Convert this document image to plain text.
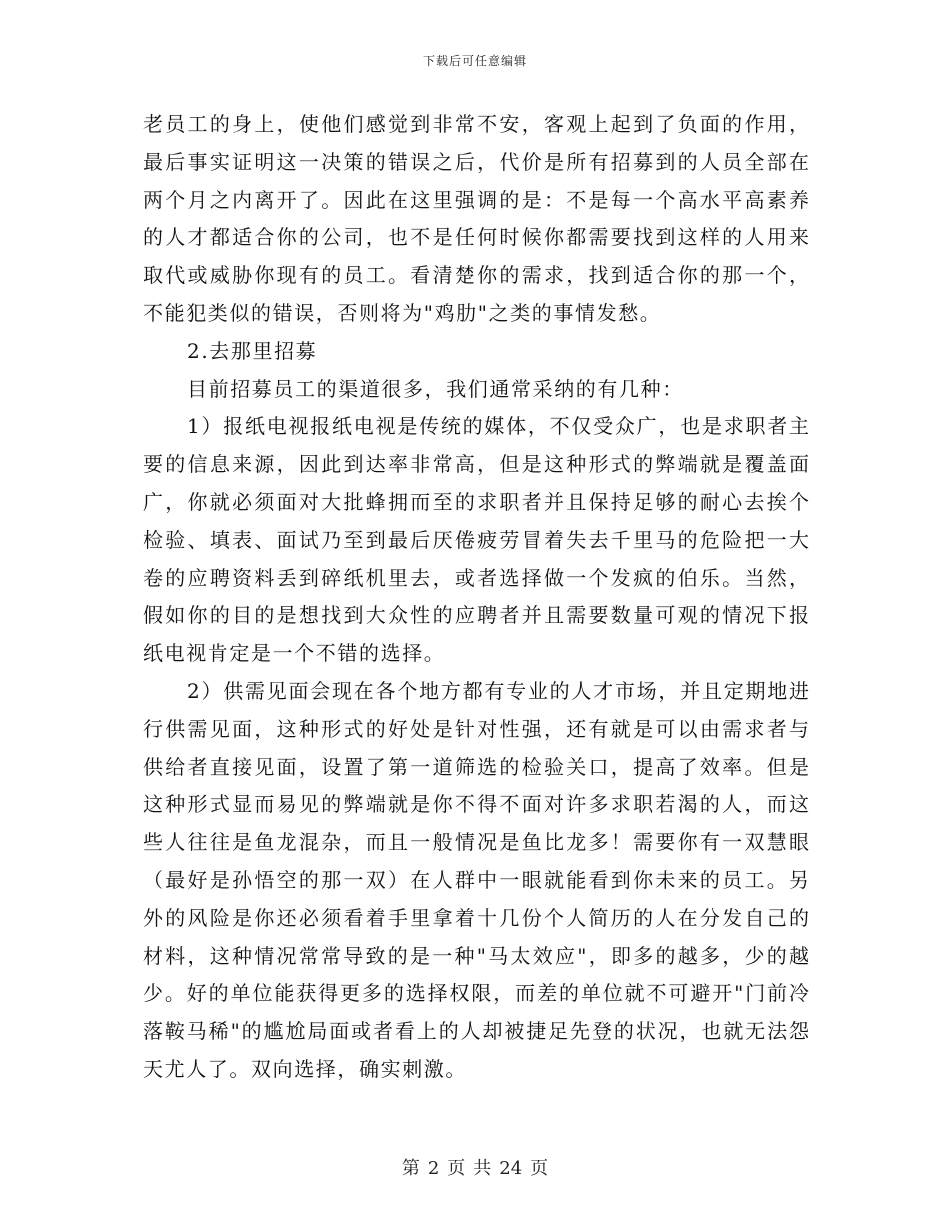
下载后可任意编辑
老员工的身上，使他们感觉到非常不安，客观上起到了负面的作用，
最后事实证明这一决策的错误之后，代价是所有招募到的人员全部在
两个月之内离开了。因此在这里强调的是：不是每一个高水平高素养
的人才都适合你的公司，也不是任何时候你都需要找到这样的人用来
取代或威胁你现有的员工。看清楚你的需求，找到适合你的那一个，
不能犯类似的错误，否则将为"鸡肋"之类的事情发愁。
2.去那里招募
目前招募员工的渠道很多，我们通常采纳的有几种：
1）报纸电视报纸电视是传统的媒体，不仅受众广，也是求职者主
要的信息来源，因此到达率非常高，但是这种形式的弊端就是覆盖面
广，你就必须面对大批蜂拥而至的求职者并且保持足够的耐心去挨个
检验、填表、面试乃至到最后厌倦疲劳冒着失去千里马的危险把一大
卷的应聘资料丢到碎纸机里去，或者选择做一个发疯的伯乐。当然，
假如你的目的是想找到大众性的应聘者并且需要数量可观的情况下报
纸电视肯定是一个不错的选择。
2）供需见面会现在各个地方都有专业的人才市场，并且定期地进
行供需见面，这种形式的好处是针对性强，还有就是可以由需求者与
供给者直接见面，设置了第一道筛选的检验关口，提高了效率。但是
这种形式显而易见的弊端就是你不得不面对许多求职若渴的人，而这
些人往往是鱼龙混杂，而且一般情况是鱼比龙多！需要你有一双慧眼
（最好是孙悟空的那一双）在人群中一眼就能看到你未来的员工。另
外的风险是你还必须看着手里拿着十几份个人简历的人在分发自己的
材料，这种情况常常导致的是一种"马太效应"，即多的越多，少的越
少。好的单位能获得更多的选择权限，而差的单位就不可避开"门前冷
落鞍马稀"的尴尬局面或者看上的人却被捷足先登的状况，也就无法怨
天尤人了。双向选择，确实刺激。
第 2 页 共 24 页
